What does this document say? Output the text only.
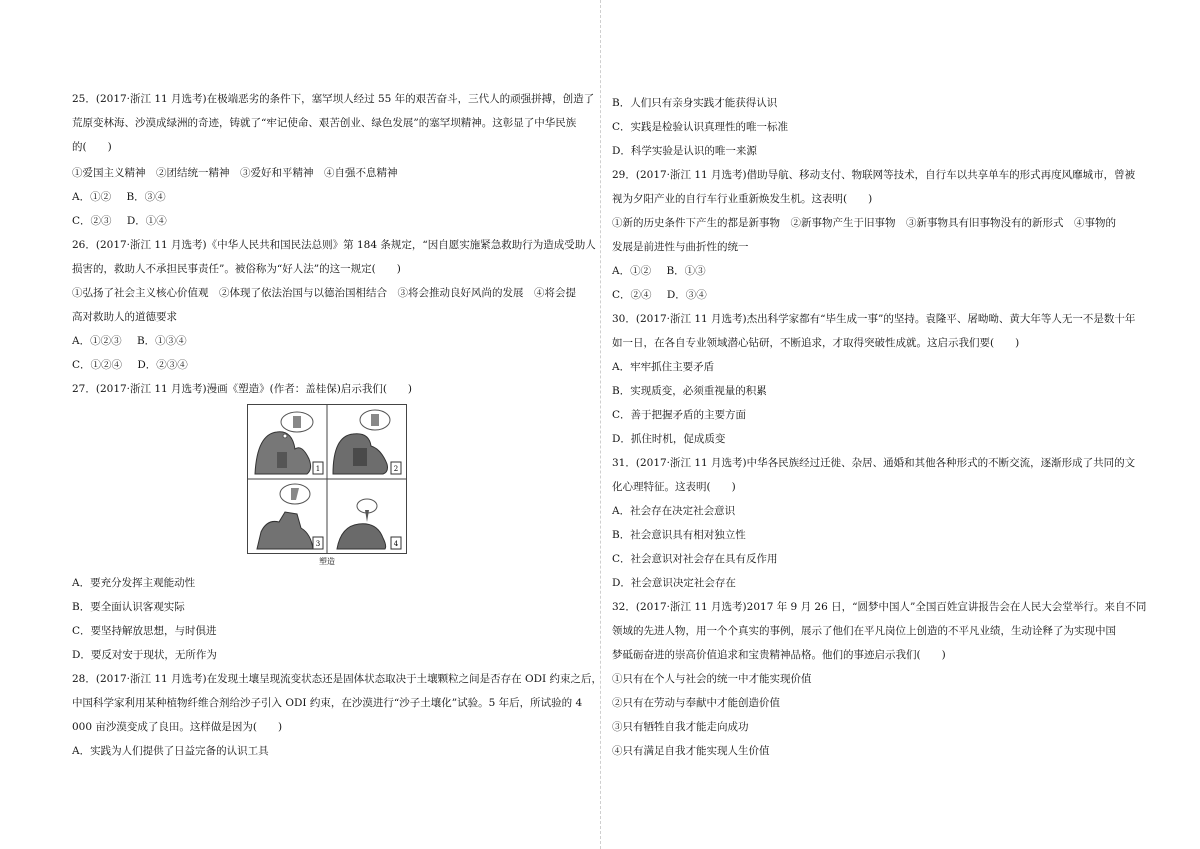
25．(2017·浙江 11 月选考)在极端恶劣的条件下，塞罕坝人经过 55 年的艰苦奋斗，三代人的顽强拼搏，创造了
荒原变林海、沙漠成绿洲的奇迹，铸就了“牢记使命、艰苦创业、绿色发展”的塞罕坝精神。这彰显了中华民族
的(　　)
①爱国主义精神　②团结统一精神　③爱好和平精神　④自强不息精神
A．①② B．③④
C．②③ D．①④
26．(2017·浙江 11 月选考)《中华人民共和国民法总则》第 184 条规定，“因自愿实施紧急救助行为造成受助人
损害的，救助人不承担民事责任”。被俗称为“好人法”的这一规定(　　)
①弘扬了社会主义核心价值观　②体现了依法治国与以德治国相结合　③将会推动良好风尚的发展　④将会提
高对救助人的道德要求
A．①②③ B．①③④
C．①②④ D．②③④
27．(2017·浙江 11 月选考)漫画《塑造》(作者：盖桂保)启示我们(　　)
1	2
3	4
塑造
A．要充分发挥主观能动性
B．要全面认识客观实际
C．要坚持解放思想，与时俱进
D．要反对安于现状，无所作为
28．(2017·浙江 11 月选考)在发现土壤呈现流变状态还是固体状态取决于土壤颗粒之间是否存在 ODI 约束之后，
中国科学家利用某种植物纤维合剂给沙子引入 ODI 约束，在沙漠进行“沙子土壤化”试验。5 年后，所试验的 4
000 亩沙漠变成了良田。这样做是因为(　　)
A．实践为人们提供了日益完备的认识工具
B．人们只有亲身实践才能获得认识
C．实践是检验认识真理性的唯一标准
D．科学实验是认识的唯一来源
29．(2017·浙江 11 月选考)借助导航、移动支付、物联网等技术，自行车以共享单车的形式再度风靡城市，曾被
视为夕阳产业的自行车行业重新焕发生机。这表明(　　)
①新的历史条件下产生的都是新事物　②新事物产生于旧事物　③新事物具有旧事物没有的新形式　④事物的
发展是前进性与曲折性的统一
A．①② B．①③
C．②④ D．③④
30．(2017·浙江 11 月选考)杰出科学家都有“毕生成一事”的坚持。袁隆平、屠呦呦、黄大年等人无一不是数十年
如一日，在各自专业领域潜心钻研，不断追求，才取得突破性成就。这启示我们要(　　)
A．牢牢抓住主要矛盾
B．实现质变，必须重视量的积累
C．善于把握矛盾的主要方面
D．抓住时机，促成质变
31．(2017·浙江 11 月选考)中华各民族经过迁徙、杂居、通婚和其他各种形式的不断交流，逐渐形成了共同的文
化心理特征。这表明(　　)
A．社会存在决定社会意识
B．社会意识具有相对独立性
C．社会意识对社会存在具有反作用
D．社会意识决定社会存在
32．(2017·浙江 11 月选考)2017 年 9 月 26 日，“圆梦中国人”全国百姓宣讲报告会在人民大会堂举行。来自不同
领域的先进人物，用一个个真实的事例，展示了他们在平凡岗位上创造的不平凡业绩，生动诠释了为实现中国
梦砥砺奋进的崇高价值追求和宝贵精神品格。他们的事迹启示我们(　　)
①只有在个人与社会的统一中才能实现价值
②只有在劳动与奉献中才能创造价值
③只有牺牲自我才能走向成功
④只有满足自我才能实现人生价值
